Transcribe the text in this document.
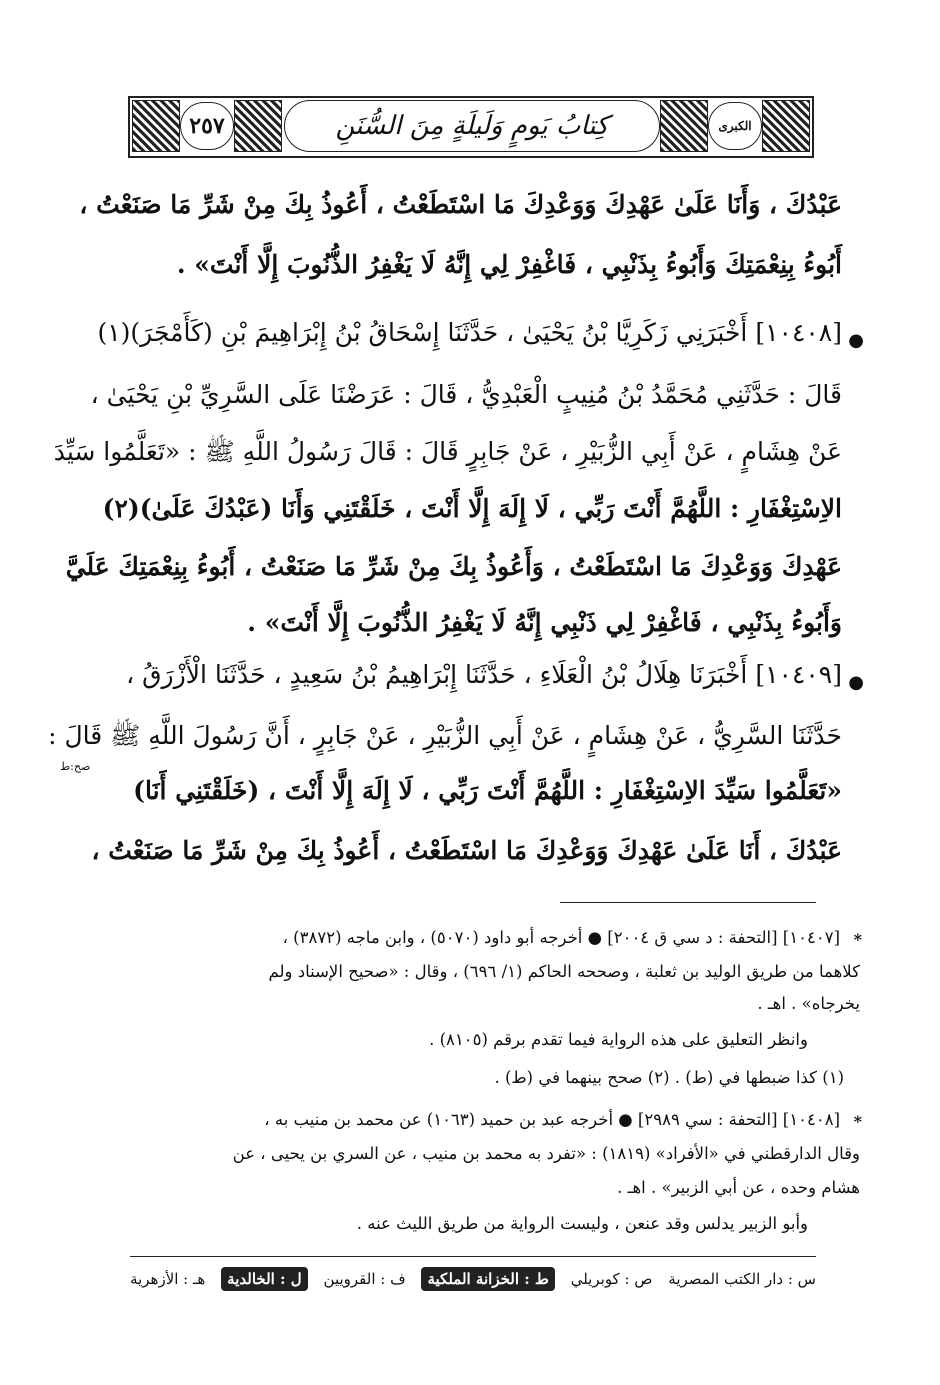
٢٥٧	كِتابُ يَومٍ وَلَيلَةٍ مِنَ السُّنَنِ	الكبرى
عَبْدُكَ ، وَأَنَا عَلَىٰ عَهْدِكَ وَوَعْدِكَ مَا اسْتَطَعْتُ ، أَعُوذُ بِكَ مِنْ شَرِّ مَا صَنَعْتُ ،
أَبُوءُ بِنِعْمَتِكَ وَأَبُوءُ بِذَنْبِي ، فَاغْفِرْ لِي إِنَّهُ لَا يَغْفِرُ الذُّنُوبَ إِلَّا أَنْتَ» .
●
[١٠٤٠٨] أَخْبَرَنِي زَكَرِيَّا بْنُ يَحْيَىٰ ، حَدَّثَنَا إِسْحَاقُ بْنُ إِبْرَاهِيمَ بْنِ (كَأَمْجَرَ)(١)
قَالَ : حَدَّثَنِي مُحَمَّدُ بْنُ مُنِيبٍ الْعَبْدِيُّ ، قَالَ : عَرَضْنَا عَلَى السَّرِيِّ بْنِ يَحْيَىٰ ،
عَنْ هِشَامٍ ، عَنْ أَبِي الزُّبَيْرِ ، عَنْ جَابِرٍ قَالَ : قَالَ رَسُولُ اللَّهِ ﷺ : «تَعَلَّمُوا سَيِّدَ
الاِسْتِغْفَارِ : اللَّهُمَّ أَنْتَ رَبِّي ، لَا إِلَهَ إِلَّا أَنْتَ ، خَلَقْتَنِي وَأَنَا (عَبْدُكَ عَلَىٰ)(٢)
عَهْدِكَ وَوَعْدِكَ مَا اسْتَطَعْتُ ، وَأَعُوذُ بِكَ مِنْ شَرِّ مَا صَنَعْتُ ، أَبُوءُ بِنِعْمَتِكَ عَلَيَّ
وَأَبُوءُ بِذَنْبِي ، فَاغْفِرْ لِي ذَنْبِي إِنَّهُ لَا يَغْفِرُ الذُّنُوبَ إِلَّا أَنْتَ» .
●
[١٠٤٠٩] أَخْبَرَنَا هِلَالُ بْنُ الْعَلَاءِ ، حَدَّثَنَا إِبْرَاهِيمُ بْنُ سَعِيدٍ ، حَدَّثَنَا الْأَزْرَقُ ،
حَدَّثَنَا السَّرِيُّ ، عَنْ هِشَامٍ ، عَنْ أَبِي الزُّبَيْرِ ، عَنْ جَابِرٍ ، أَنَّ رَسُولَ اللَّهِ ﷺ قَالَ :
صح:ط
«تَعَلَّمُوا سَيِّدَ الاِسْتِغْفَارِ : اللَّهُمَّ أَنْتَ رَبِّي ، لَا إِلَهَ إِلَّا أَنْتَ ، (خَلَقْتَنِي أَنَا)
عَبْدُكَ ، أَنَا عَلَىٰ عَهْدِكَ وَوَعْدِكَ مَا اسْتَطَعْتُ ، أَعُوذُ بِكَ مِنْ شَرِّ مَا صَنَعْتُ ،
*
[١٠٤٠٧] [التحفة : د سي ق ٢٠٠٤] ● أخرجه أبو داود (٥٠٧٠) ، وابن ماجه (٣٨٧٢) ،
كلاهما من طريق الوليد بن ثعلبة ، وصححه الحاكم (١/ ٦٩٦) ، وقال : «صحيح الإسناد ولم
يخرجاه» . اهـ .
وانظر التعليق على هذه الرواية فيما تقدم برقم (٨١٠٥) .
(١) كذا ضبطها في (ط) . (٢) صحح بينهما في (ط) .
*
[١٠٤٠٨] [التحفة : سي ٢٩٨٩] ● أخرجه عبد بن حميد (١٠٦٣) عن محمد بن منيب به ،
وقال الدارقطني في «الأفراد» (١٨١٩) : «تفرد به محمد بن منيب ، عن السري بن يحيى ، عن
هشام وحده ، عن أبي الزبير» . اهـ .
وأبو الزبير يدلس وقد عنعن ، وليست الرواية من طريق الليث عنه .
س : دار الكتب المصرية
ص : كوبريلي
ط : الخزانة الملكية
ف : القرويين
ل : الخالدية
هـ : الأزهرية
